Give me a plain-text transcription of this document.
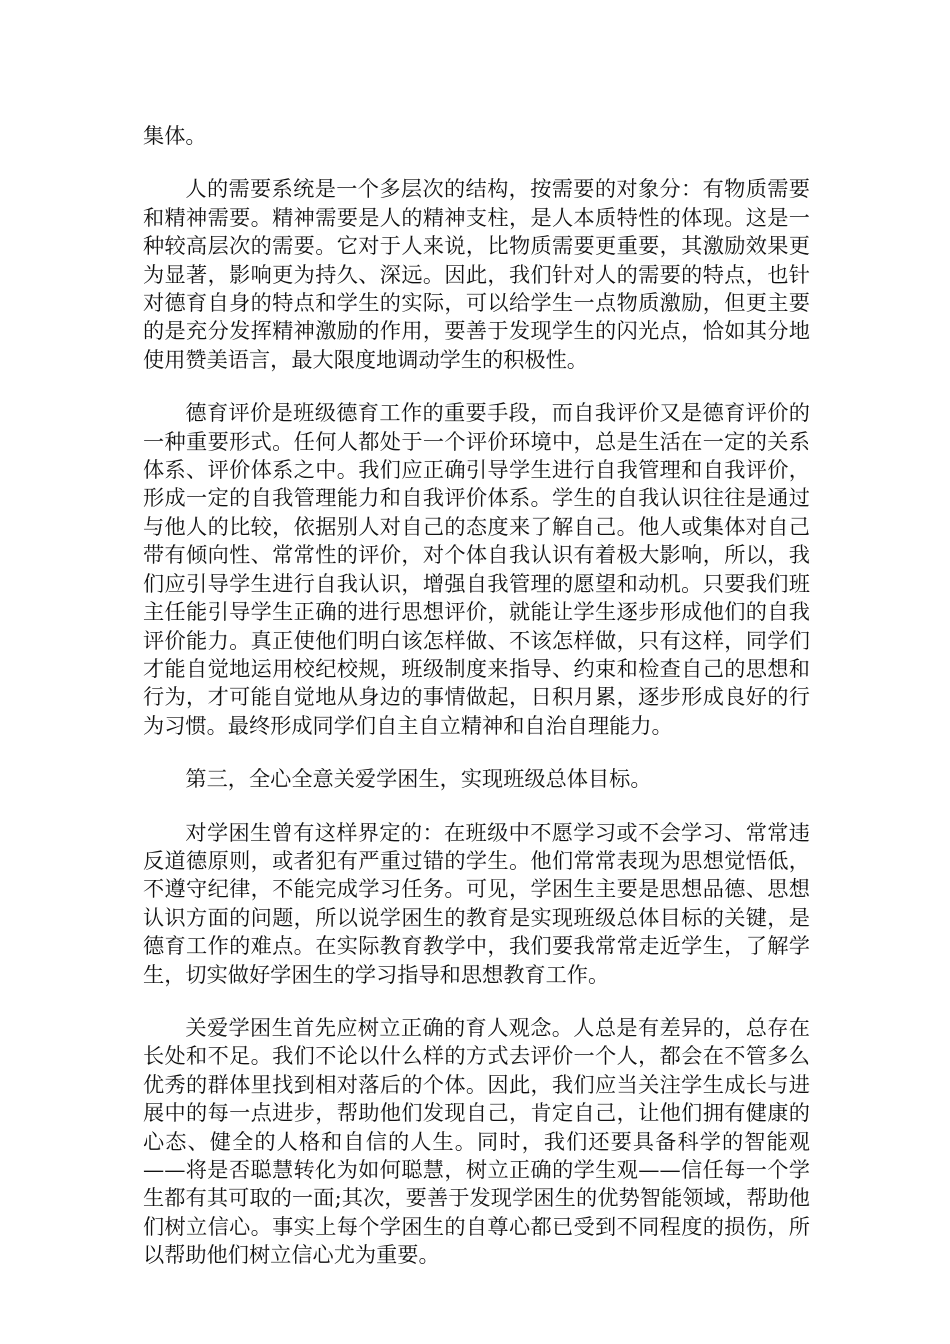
集体。

人的需要系统是一个多层次的结构，按需要的对象分：有物质需要和精神需要。精神需要是人的精神支柱，是人本质特性的体现。这是一种较高层次的需要。它对于人来说，比物质需要更重要，其激励效果更为显著，影响更为持久、深远。因此，我们针对人的需要的特点，也针对德育自身的特点和学生的实际，可以给学生一点物质激励，但更主要的是充分发挥精神激励的作用，要善于发现学生的闪光点，恰如其分地使用赞美语言，最大限度地调动学生的积极性。

德育评价是班级德育工作的重要手段，而自我评价又是德育评价的一种重要形式。任何人都处于一个评价环境中，总是生活在一定的关系体系、评价体系之中。我们应正确引导学生进行自我管理和自我评价，形成一定的自我管理能力和自我评价体系。学生的自我认识往往是通过与他人的比较，依据别人对自己的态度来了解自己。他人或集体对自己带有倾向性、常常性的评价，对个体自我认识有着极大影响，所以，我们应引导学生进行自我认识，增强自我管理的愿望和动机。只要我们班主任能引导学生正确的进行思想评价，就能让学生逐步形成他们的自我评价能力。真正使他们明白该怎样做、不该怎样做，只有这样，同学们才能自觉地运用校纪校规，班级制度来指导、约束和检查自己的思想和行为，才可能自觉地从身边的事情做起，日积月累，逐步形成良好的行为习惯。最终形成同学们自主自立精神和自治自理能力。

第三，全心全意关爱学困生，实现班级总体目标。

对学困生曾有这样界定的：在班级中不愿学习或不会学习、常常违反道德原则，或者犯有严重过错的学生。他们常常表现为思想觉悟低，不遵守纪律，不能完成学习任务。可见，学困生主要是思想品德、思想认识方面的问题，所以说学困生的教育是实现班级总体目标的关键，是德育工作的难点。在实际教育教学中，我们要我常常走近学生，了解学生，切实做好学困生的学习指导和思想教育工作。

关爱学困生首先应树立正确的育人观念。人总是有差异的，总存在长处和不足。我们不论以什么样的方式去评价一个人，都会在不管多么优秀的群体里找到相对落后的个体。因此，我们应当关注学生成长与进展中的每一点进步，帮助他们发现自己，肯定自己，让他们拥有健康的心态、健全的人格和自信的人生。同时，我们还要具备科学的智能观——将是否聪慧转化为如何聪慧，树立正确的学生观——信任每一个学生都有其可取的一面;其次，要善于发现学困生的优势智能领域，帮助他们树立信心。事实上每个学困生的自尊心都已受到不同程度的损伤，所以帮助他们树立信心尤为重要。
